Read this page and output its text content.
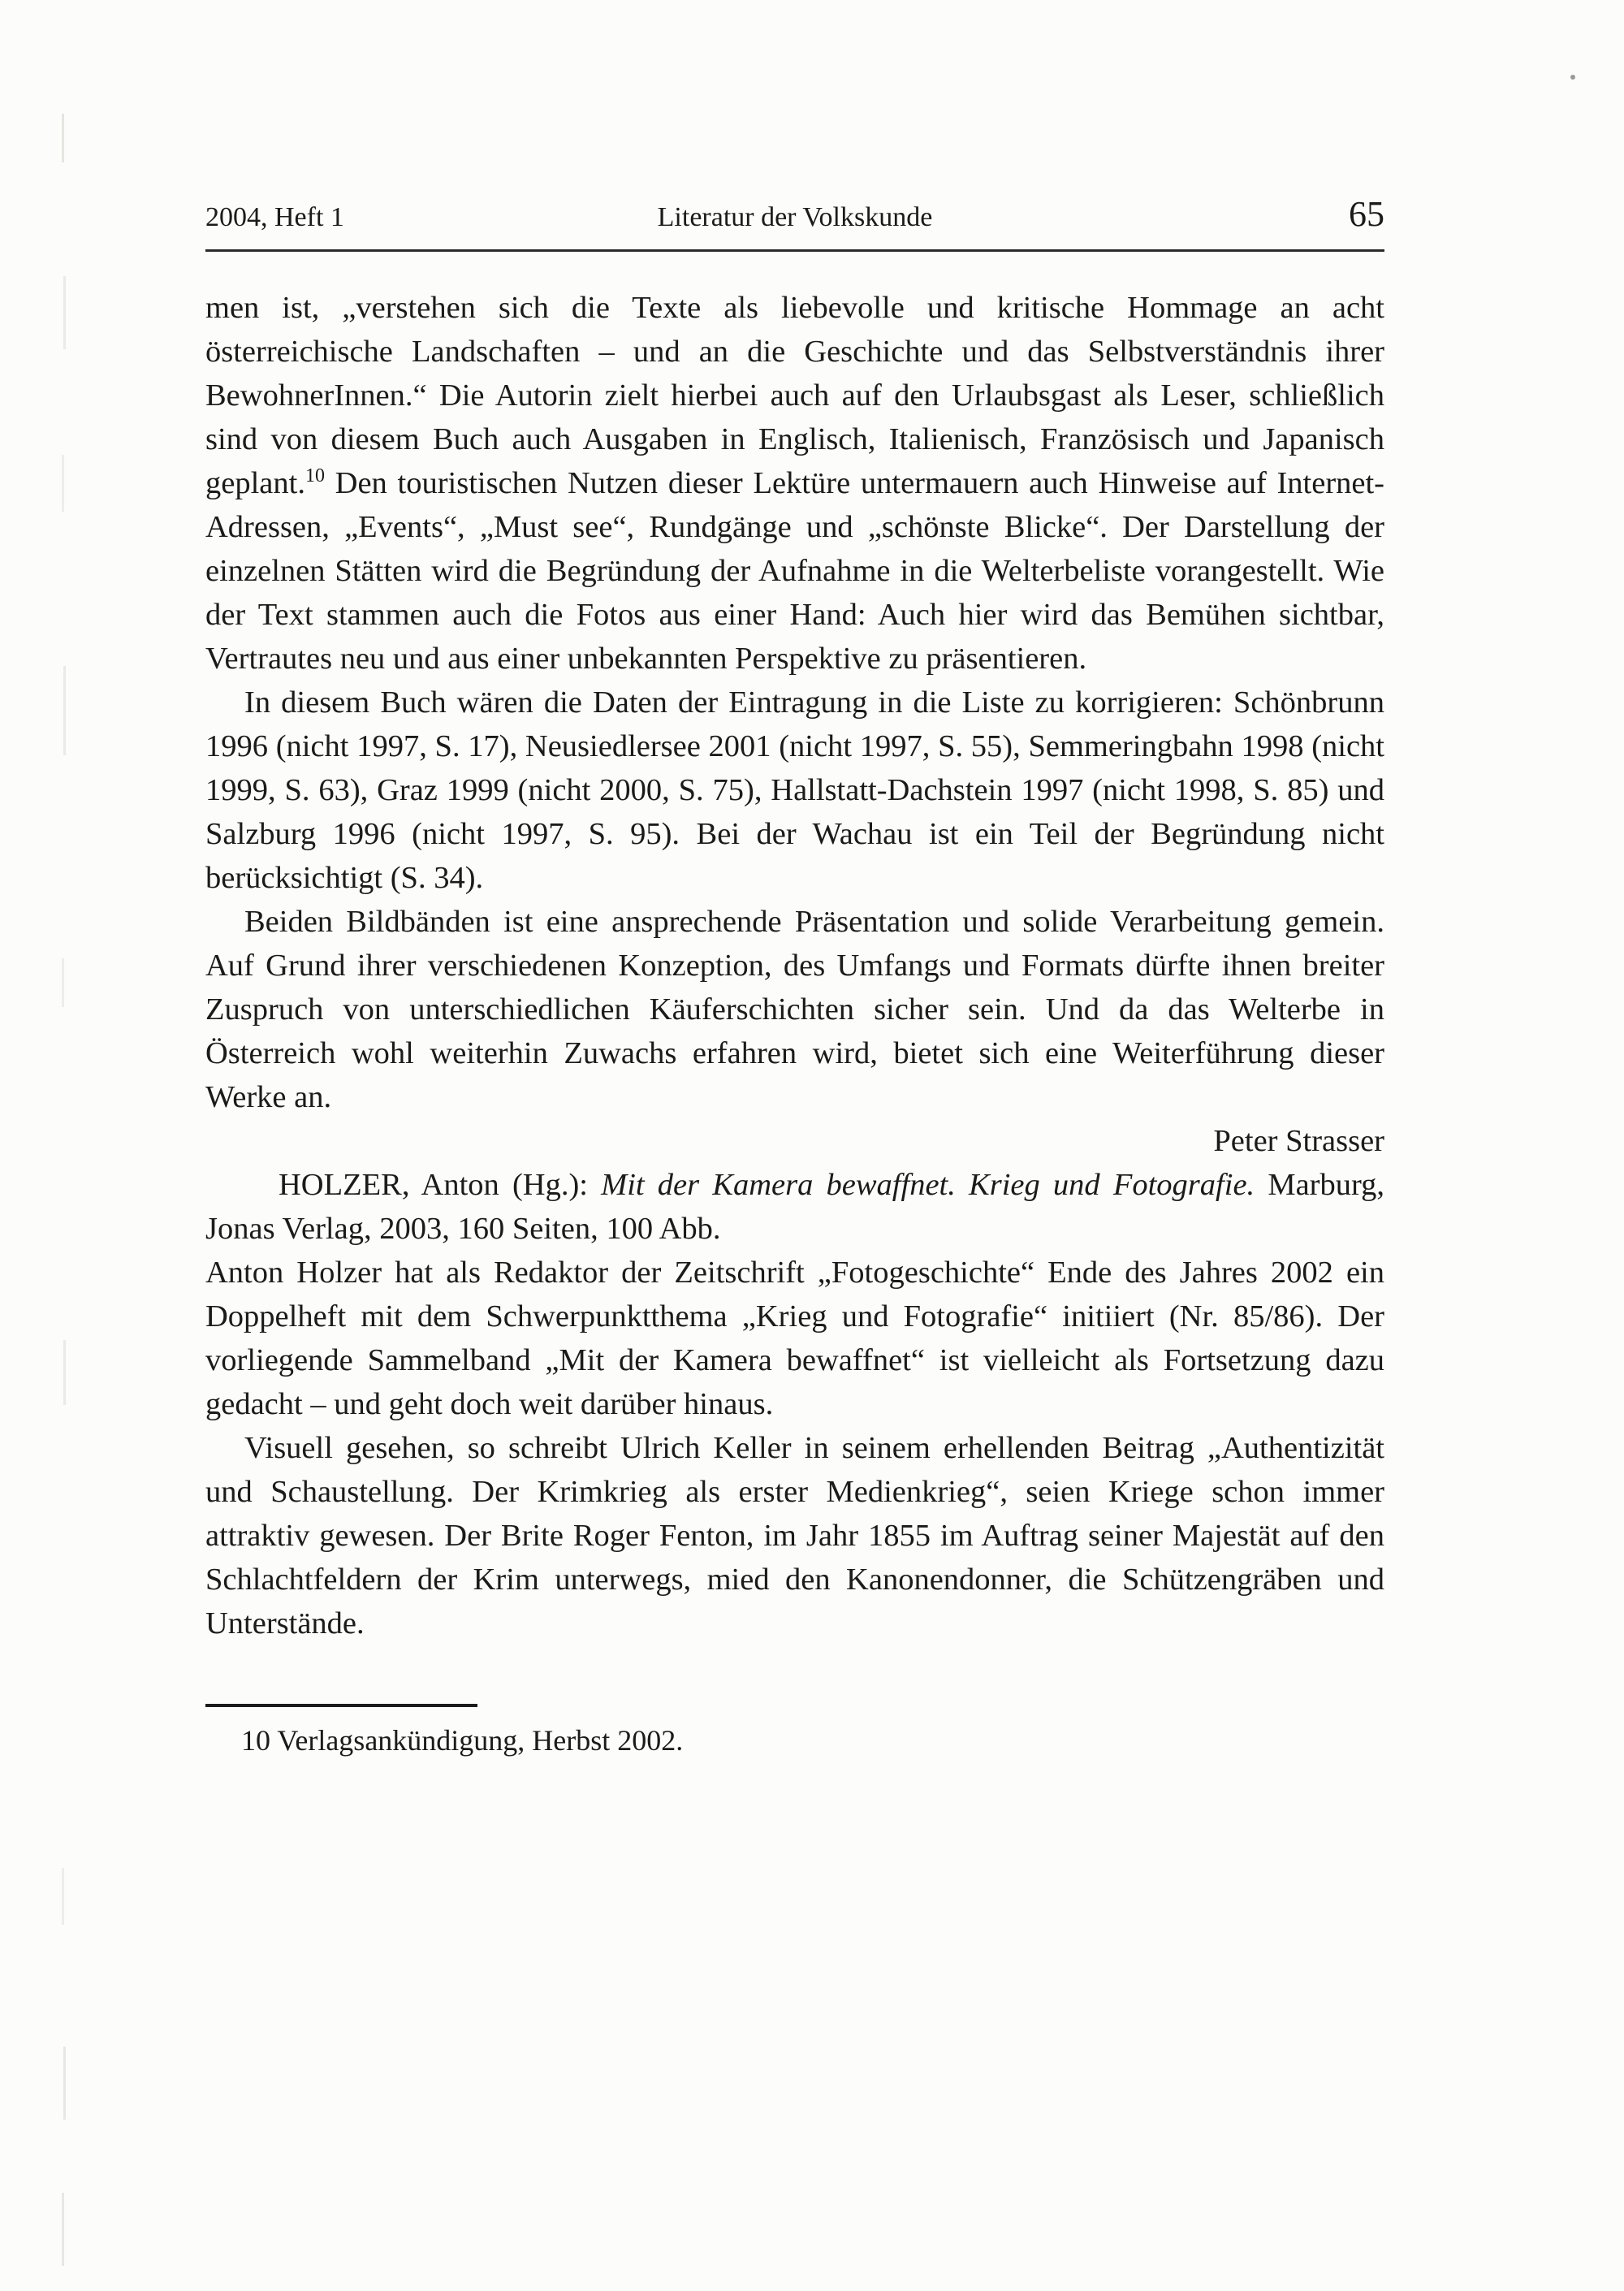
2004, Heft 1	Literatur der Volkskunde	65

men ist, „verstehen sich die Texte als liebevolle und kritische Hommage an acht österreichische Landschaften – und an die Geschichte und das Selbstverständnis ihrer BewohnerInnen.“ Die Autorin zielt hierbei auch auf den Urlaubsgast als Leser, schließlich sind von diesem Buch auch Ausgaben in Englisch, Italienisch, Französisch und Japanisch geplant.$^{10}$ Den touristischen Nutzen dieser Lektüre untermauern auch Hinweise auf Internet-Adressen, „Events“, „Must see“, Rundgänge und „schönste Blicke“. Der Darstellung der einzelnen Stätten wird die Begründung der Aufnahme in die Welterbeliste vorangestellt. Wie der Text stammen auch die Fotos aus einer Hand: Auch hier wird das Bemühen sichtbar, Vertrautes neu und aus einer unbekannten Perspektive zu präsentieren.

In diesem Buch wären die Daten der Eintragung in die Liste zu korrigieren: Schönbrunn 1996 (nicht 1997, S. 17), Neusiedlersee 2001 (nicht 1997, S. 55), Semmeringbahn 1998 (nicht 1999, S. 63), Graz 1999 (nicht 2000, S. 75), Hallstatt-Dachstein 1997 (nicht 1998, S. 85) und Salzburg 1996 (nicht 1997, S. 95). Bei der Wachau ist ein Teil der Begründung nicht berücksichtigt (S. 34).

Beiden Bildbänden ist eine ansprechende Präsentation und solide Verarbeitung gemein. Auf Grund ihrer verschiedenen Konzeption, des Umfangs und Formats dürfte ihnen breiter Zuspruch von unterschiedlichen Käuferschichten sicher sein. Und da das Welterbe in Österreich wohl weiterhin Zuwachs erfahren wird, bietet sich eine Weiterführung dieser Werke an.

Peter Strasser

HOLZER, Anton (Hg.): Mit der Kamera bewaffnet. Krieg und Fotografie. Marburg, Jonas Verlag, 2003, 160 Seiten, 100 Abb.

Anton Holzer hat als Redaktor der Zeitschrift „Fotogeschichte“ Ende des Jahres 2002 ein Doppelheft mit dem Schwerpunktthema „Krieg und Fotografie“ initiiert (Nr. 85/86). Der vorliegende Sammelband „Mit der Kamera bewaffnet“ ist vielleicht als Fortsetzung dazu gedacht – und geht doch weit darüber hinaus.

Visuell gesehen, so schreibt Ulrich Keller in seinem erhellenden Beitrag „Authentizität und Schaustellung. Der Krimkrieg als erster Medienkrieg“, seien Kriege schon immer attraktiv gewesen. Der Brite Roger Fenton, im Jahr 1855 im Auftrag seiner Majestät auf den Schlachtfeldern der Krim unterwegs, mied den Kanonendonner, die Schützengräben und Unterstände.

10 Verlagsankündigung, Herbst 2002.
